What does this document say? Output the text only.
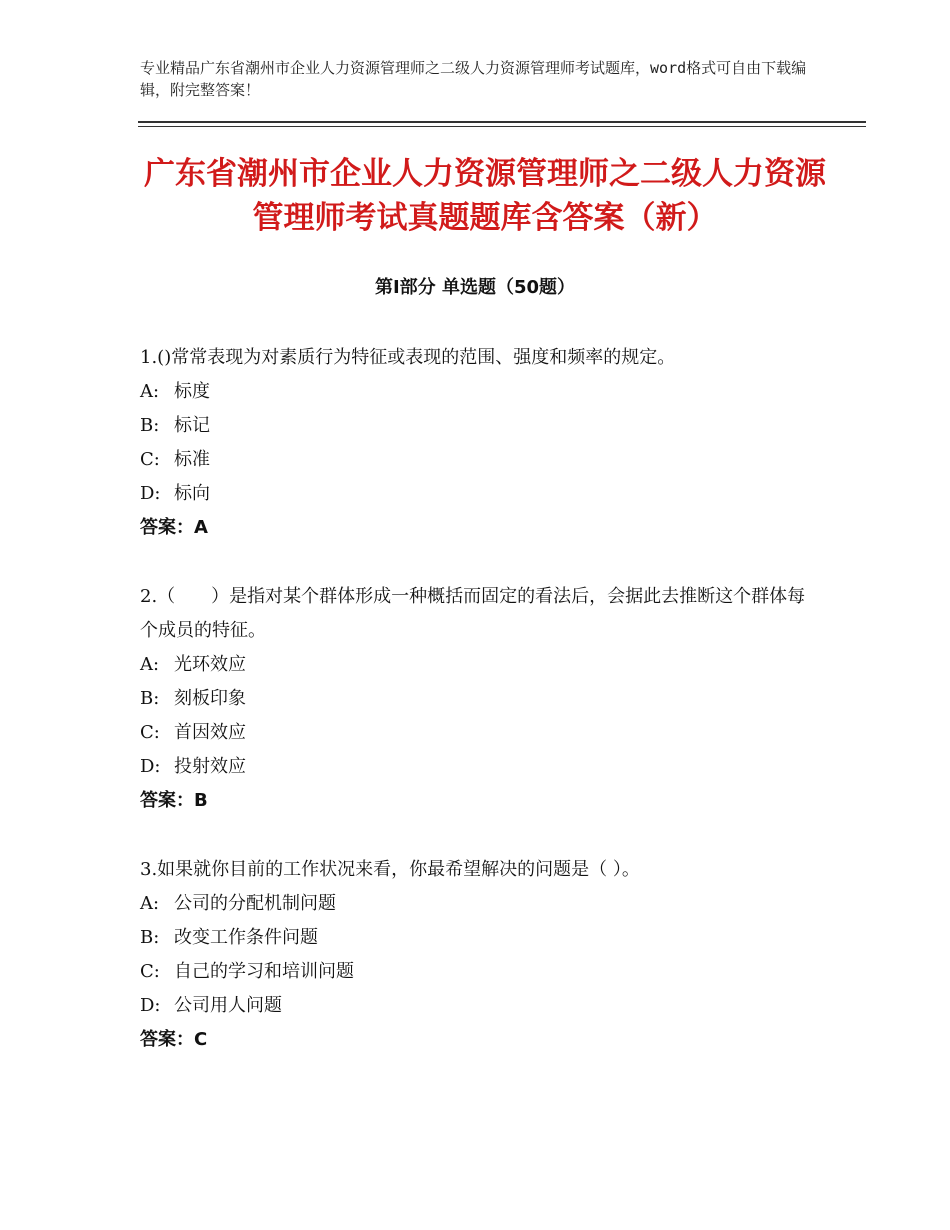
专业精品广东省潮州市企业人力资源管理师之二级人力资源管理师考试题库，word格式可自由下载编辑，附完整答案！
广东省潮州市企业人力资源管理师之二级人力资源管理师考试真题题库含答案（新）
第Ⅰ部分 单选题（50题）

1.()常常表现为对素质行为特征或表现的范围、强度和频率的规定。

A: 标度

B: 标记

C: 标准

D: 标向

答案：A

2.（　　）是指对某个群体形成一种概括而固定的看法后，会据此去推断这个群体每个成员的特征。

A: 光环效应

B: 刻板印象

C: 首因效应

D: 投射效应

答案：B

3.如果就你目前的工作状况来看，你最希望解决的问题是（ ）。

A: 公司的分配机制问题

B: 改变工作条件问题

C: 自己的学习和培训问题

D: 公司用人问题

答案：C
